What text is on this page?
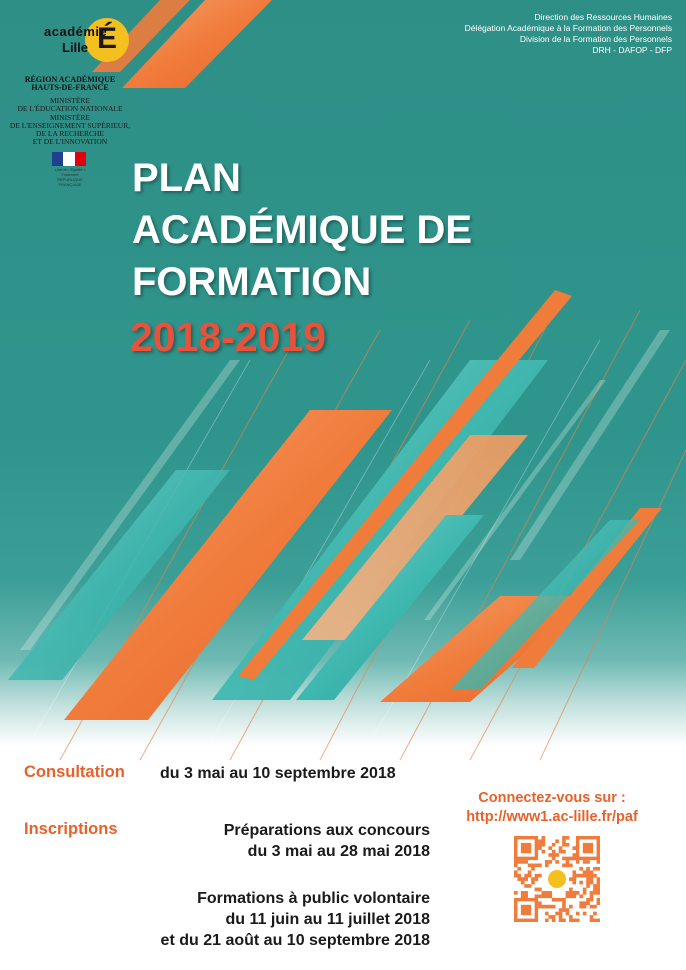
É
académie
Lille
RÉGION ACADÉMIQUE
HAUTS-DE-FRANCE
MINISTÈRE
DE L'ÉDUCATION NATIONALE
MINISTÈRE
DE L'ENSEIGNEMENT SUPÉRIEUR,
DE LA RECHERCHE
ET DE L'INNOVATION
Liberté • Égalité • Fraternité
RÉPUBLIQUE FRANÇAISE
Direction des Ressources Humaines
Délégation Académique à la Formation des Personnels
Division de la Formation des Personnels
DRH - DAFOP - DFP
PLAN
ACADÉMIQUE DE
FORMATION
2018-2019
Consultation du 3 mai au 10 septembre 2018
Inscriptions	Préparations aux concours
du 3 mai au 28 mai 2018
Formations à public volontaire
du 11 juin au 11 juillet 2018
et du 21 août au 10 septembre 2018
Connectez-vous sur :
http://www1.ac-lille.fr/paf
